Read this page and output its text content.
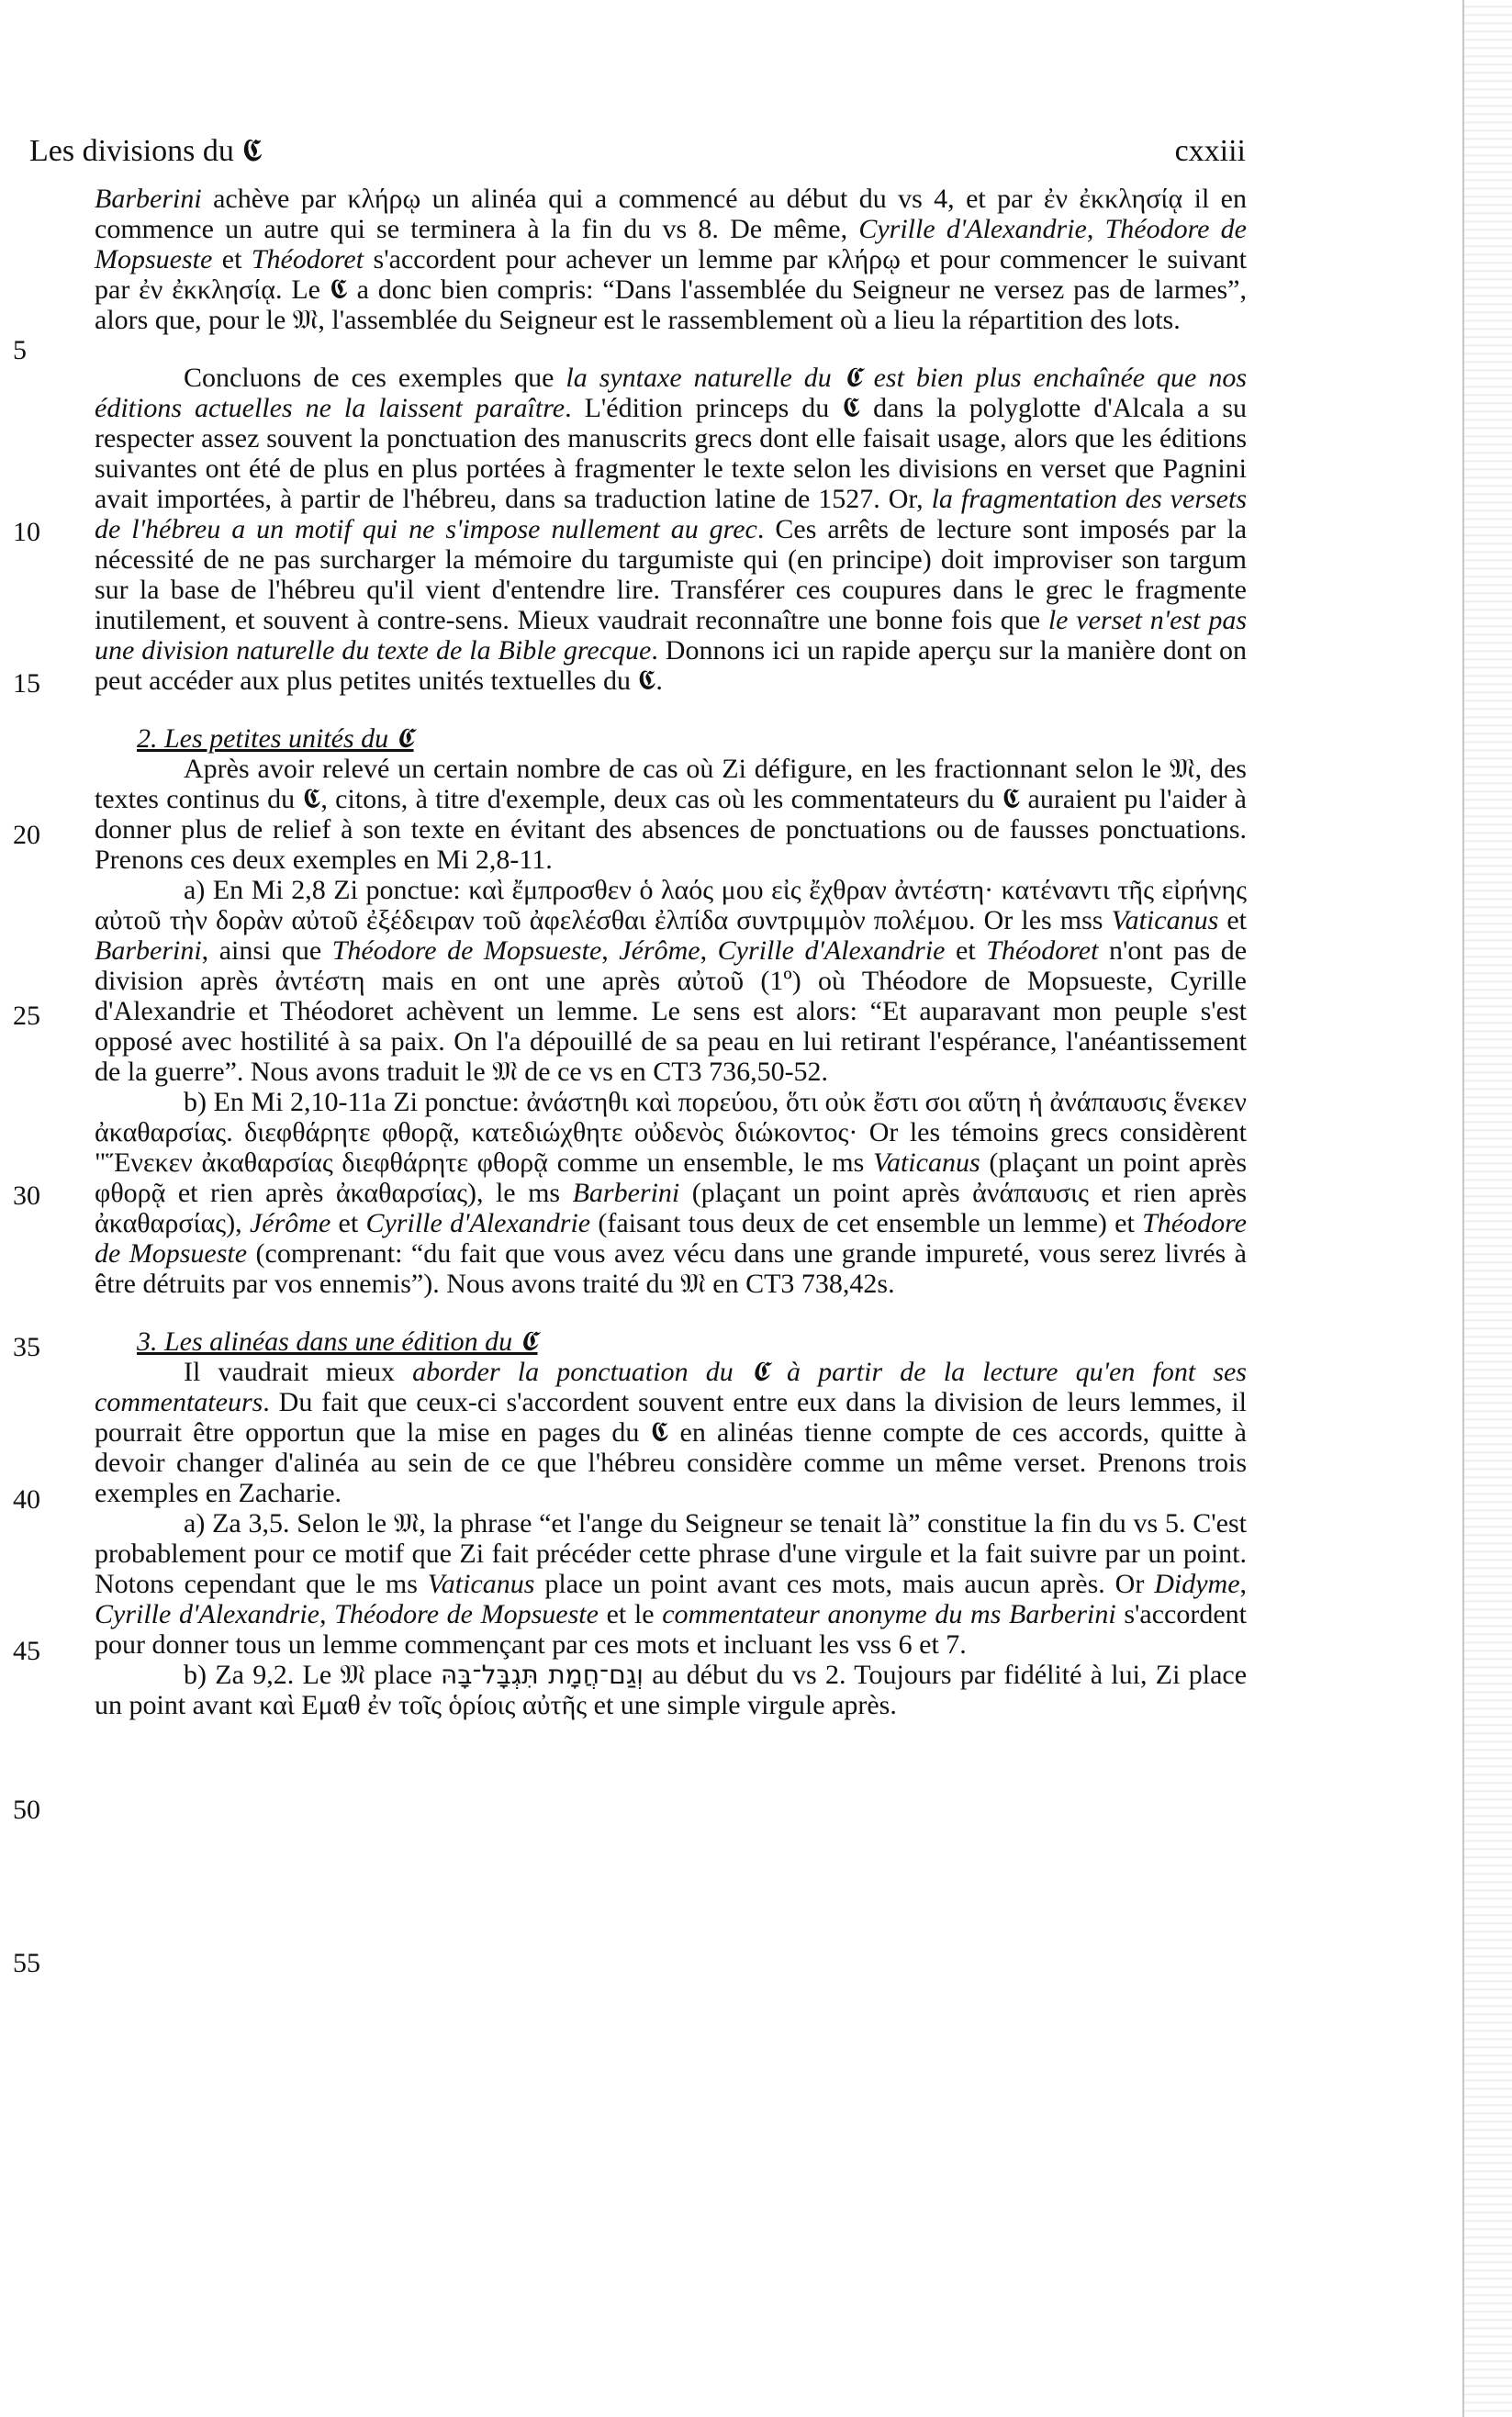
Les divisions du 𝕮	cxxiii
5
10
15
20
25
30
35
40
45
50
55

Barberini achève par κλήρῳ un alinéa qui a commencé au début du vs 4, et par ἐν ἐκκλησίᾳ il en commence un autre qui se terminera à la fin du vs 8. De même, Cyrille d'Alexandrie, Théodore de Mopsueste et Théodoret s'accordent pour achever un lemme par κλήρῳ et pour commencer le suivant par ἐν ἐκκλησίᾳ. Le 𝕮 a donc bien compris: “Dans l'assemblée du Seigneur ne versez pas de larmes”, alors que, pour le 𝔐, l'assemblée du Seigneur est le rassemblement où a lieu la répartition des lots.

Concluons de ces exemples que la syntaxe naturelle du 𝕮 est bien plus enchaînée que nos éditions actuelles ne la laissent paraître. L'édition princeps du 𝕮 dans la polyglotte d'Alcala a su respecter assez souvent la ponctuation des manuscrits grecs dont elle faisait usage, alors que les éditions suivantes ont été de plus en plus portées à fragmenter le texte selon les divisions en verset que Pagnini avait importées, à partir de l'hébreu, dans sa traduction latine de 1527. Or, la fragmentation des versets de l'hébreu a un motif qui ne s'impose nullement au grec. Ces arrêts de lecture sont imposés par la nécessité de ne pas surcharger la mémoire du targumiste qui (en principe) doit improviser son targum sur la base de l'hébreu qu'il vient d'entendre lire. Transférer ces coupures dans le grec le fragmente inutilement, et souvent à contre-sens. Mieux vaudrait reconnaître une bonne fois que le verset n'est pas une division naturelle du texte de la Bible grecque. Donnons ici un rapide aperçu sur la manière dont on peut accéder aux plus petites unités textuelles du 𝕮.

2. Les petites unités du 𝕮

Après avoir relevé un certain nombre de cas où Zi défigure, en les fractionnant selon le 𝔐, des textes continus du 𝕮, citons, à titre d'exemple, deux cas où les commentateurs du 𝕮 auraient pu l'aider à donner plus de relief à son texte en évitant des absences de ponctuations ou de fausses ponctuations. Prenons ces deux exemples en Mi 2,8-11.

a) En Mi 2,8 Zi ponctue: καὶ ἔμπροσθεν ὁ λαός μου εἰς ἔχθραν ἀντέστη· κατέναντι τῆς εἰρήνης αὐτοῦ τὴν δορὰν αὐτοῦ ἐξέδειραν τοῦ ἀφελέσθαι ἐλπίδα συντριμμὸν πολέμου. Or les mss Vaticanus et Barberini, ainsi que Théodore de Mopsueste, Jérôme, Cyrille d'Alexandrie et Théodoret n'ont pas de division après ἀντέστη mais en ont une après αὐτοῦ (1º) où Théodore de Mopsueste, Cyrille d'Alexandrie et Théodoret achèvent un lemme. Le sens est alors: “Et auparavant mon peuple s'est opposé avec hostilité à sa paix. On l'a dépouillé de sa peau en lui retirant l'espérance, l'anéantissement de la guerre”. Nous avons traduit le 𝔐 de ce vs en CT3 736,50-52.

b) En Mi 2,10-11a Zi ponctue: ἀνάστηθι καὶ πορεύου, ὅτι οὐκ ἔστι σοι αὕτη ἡ ἀνάπαυσις ἕνεκεν ἀκαθαρσίας. διεφθάρητε φθορᾷ, κατεδιώχθητε οὐδενὸς διώκοντος· Or les témoins grecs considèrent "Ἕνεκεν ἀκαθαρσίας διεφθάρητε φθορᾷ comme un ensemble, le ms Vaticanus (plaçant un point après φθορᾷ et rien après ἀκαθαρσίας), le ms Barberini (plaçant un point après ἀνάπαυσις et rien après ἀκαθαρσίας), Jérôme et Cyrille d'Alexandrie (faisant tous deux de cet ensemble un lemme) et Théodore de Mopsueste (comprenant: “du fait que vous avez vécu dans une grande impureté, vous serez livrés à être détruits par vos ennemis”). Nous avons traité du 𝔐 en CT3 738,42s.

3. Les alinéas dans une édition du 𝕮

Il vaudrait mieux aborder la ponctuation du 𝕮 à partir de la lecture qu'en font ses commentateurs. Du fait que ceux-ci s'accordent souvent entre eux dans la division de leurs lemmes, il pourrait être opportun que la mise en pages du 𝕮 en alinéas tienne compte de ces accords, quitte à devoir changer d'alinéa au sein de ce que l'hébreu considère comme un même verset. Prenons trois exemples en Zacharie.

a) Za 3,5. Selon le 𝔐, la phrase “et l'ange du Seigneur se tenait là” constitue la fin du vs 5. C'est probablement pour ce motif que Zi fait précéder cette phrase d'une virgule et la fait suivre par un point. Notons cependant que le ms Vaticanus place un point avant ces mots, mais aucun après. Or Didyme, Cyrille d'Alexandrie, Théodore de Mopsueste et le commentateur anonyme du ms Barberini s'accordent pour donner tous un lemme commençant par ces mots et incluant les vss 6 et 7.

b) Za 9,2. Le 𝔐 place וְגַם־חֲמָת תִּגְבָּל־בָּהּ au début du vs 2. Toujours par fidélité à lui, Zi place un point avant καὶ Εμαθ ἐν τοῖς ὁρίοις αὐτῆς et une simple virgule après.
